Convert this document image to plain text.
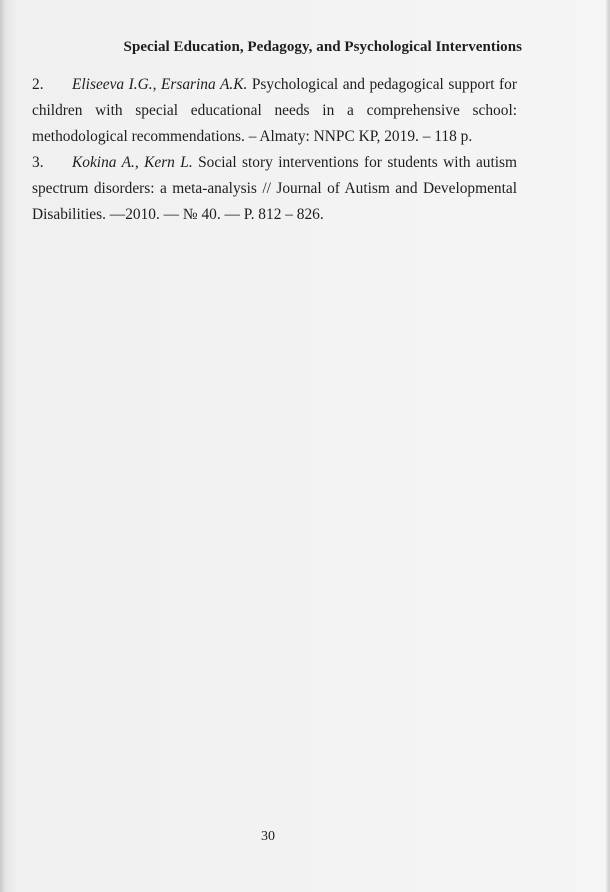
Special Education, Pedagogy, and Psychological Interventions

2. Eliseeva I.G., Ersarina A.K. Psychological and pedagogical support for children with special educational needs in a comprehensive school: methodological recommendations. – Almaty: NNPC KP, 2019. – 118 p.

3. Kokina A., Kern L. Social story interventions for students with autism spectrum disorders: a meta-analysis // Journal of Autism and Developmental Disabilities. —2010. — № 40. — P. 812 – 826.

30
